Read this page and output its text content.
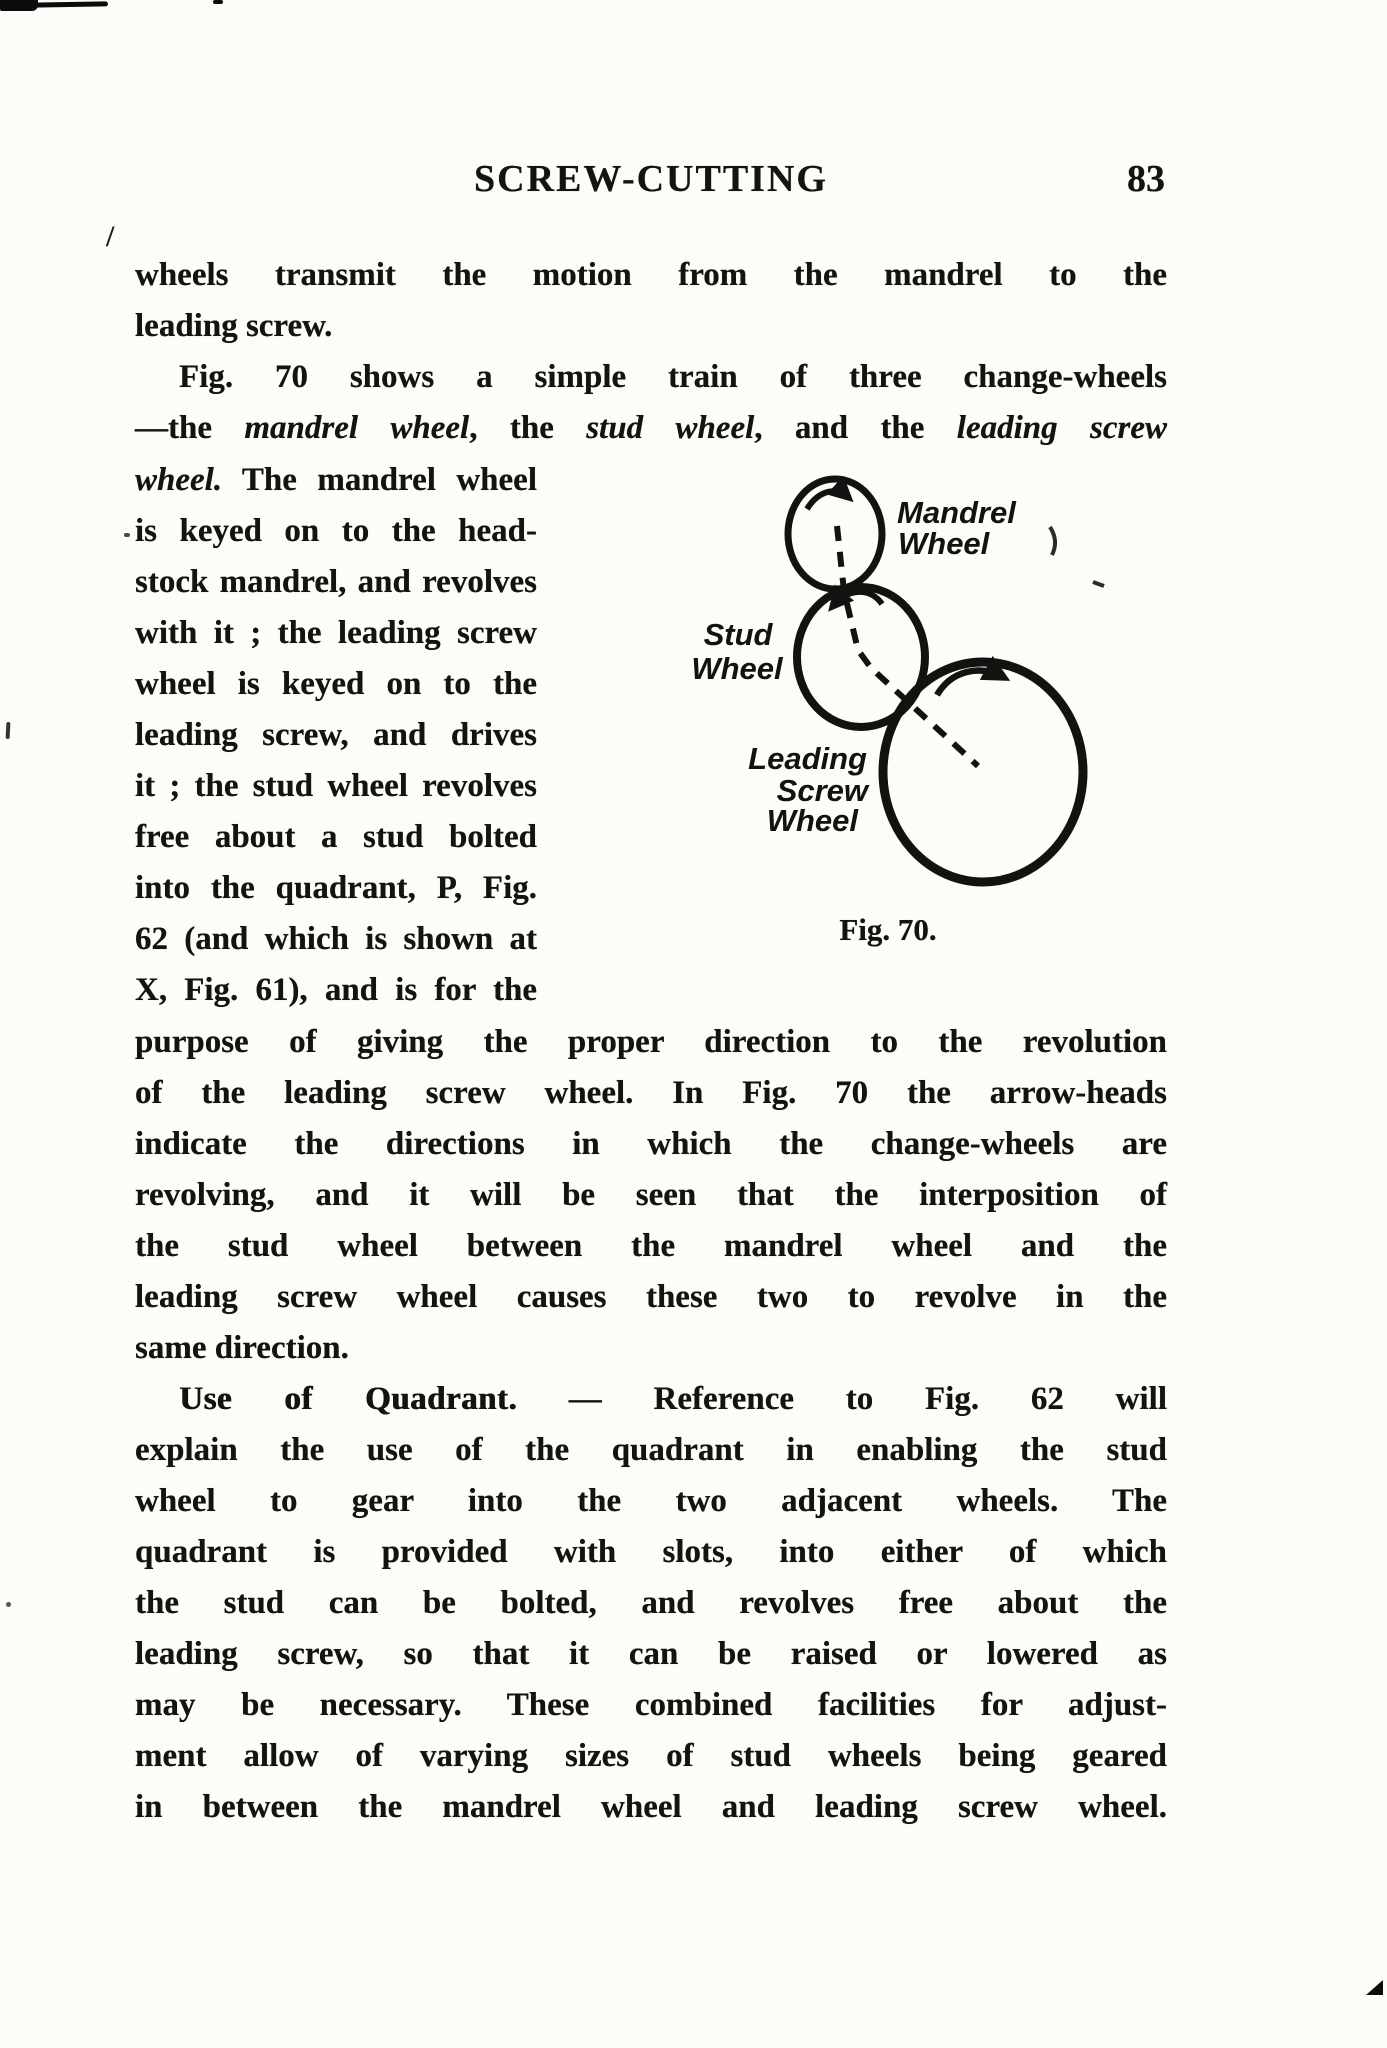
/
SCREW-CUTTING	83
wheels transmit the motion from the mandrel to the
leading screw.
Fig. 70 shows a simple train of three change-wheels
—the mandrel wheel, the stud wheel, and the leading screw
wheel. The mandrel wheel
is keyed on to the head-
stock mandrel, and revolves
with it ; the leading screw
wheel is keyed on to the
leading screw, and drives
it ; the stud wheel revolves
free about a stud bolted
into the quadrant, P, Fig.
62 (and which is shown at
X, Fig. 61), and is for the
purpose of giving the proper direction to the revolution
of the leading screw wheel. In Fig. 70 the arrow-heads
indicate the directions in which the change-wheels are
revolving, and it will be seen that the interposition of
the stud wheel between the mandrel wheel and the
leading screw wheel causes these two to revolve in the
same direction.
Use of Quadrant. — Reference to Fig. 62 will
explain the use of the quadrant in enabling the stud
wheel to gear into the two adjacent wheels. The
quadrant is provided with slots, into either of which
the stud can be bolted, and revolves free about the
leading screw, so that it can be raised or lowered as
may be necessary. These combined facilities for adjust-
ment allow of varying sizes of stud wheels being geared
in between the mandrel wheel and leading screw wheel.
Mandrel
Wheel
Stud
Wheel
Leading
Screw
Wheel
Fig. 70.
